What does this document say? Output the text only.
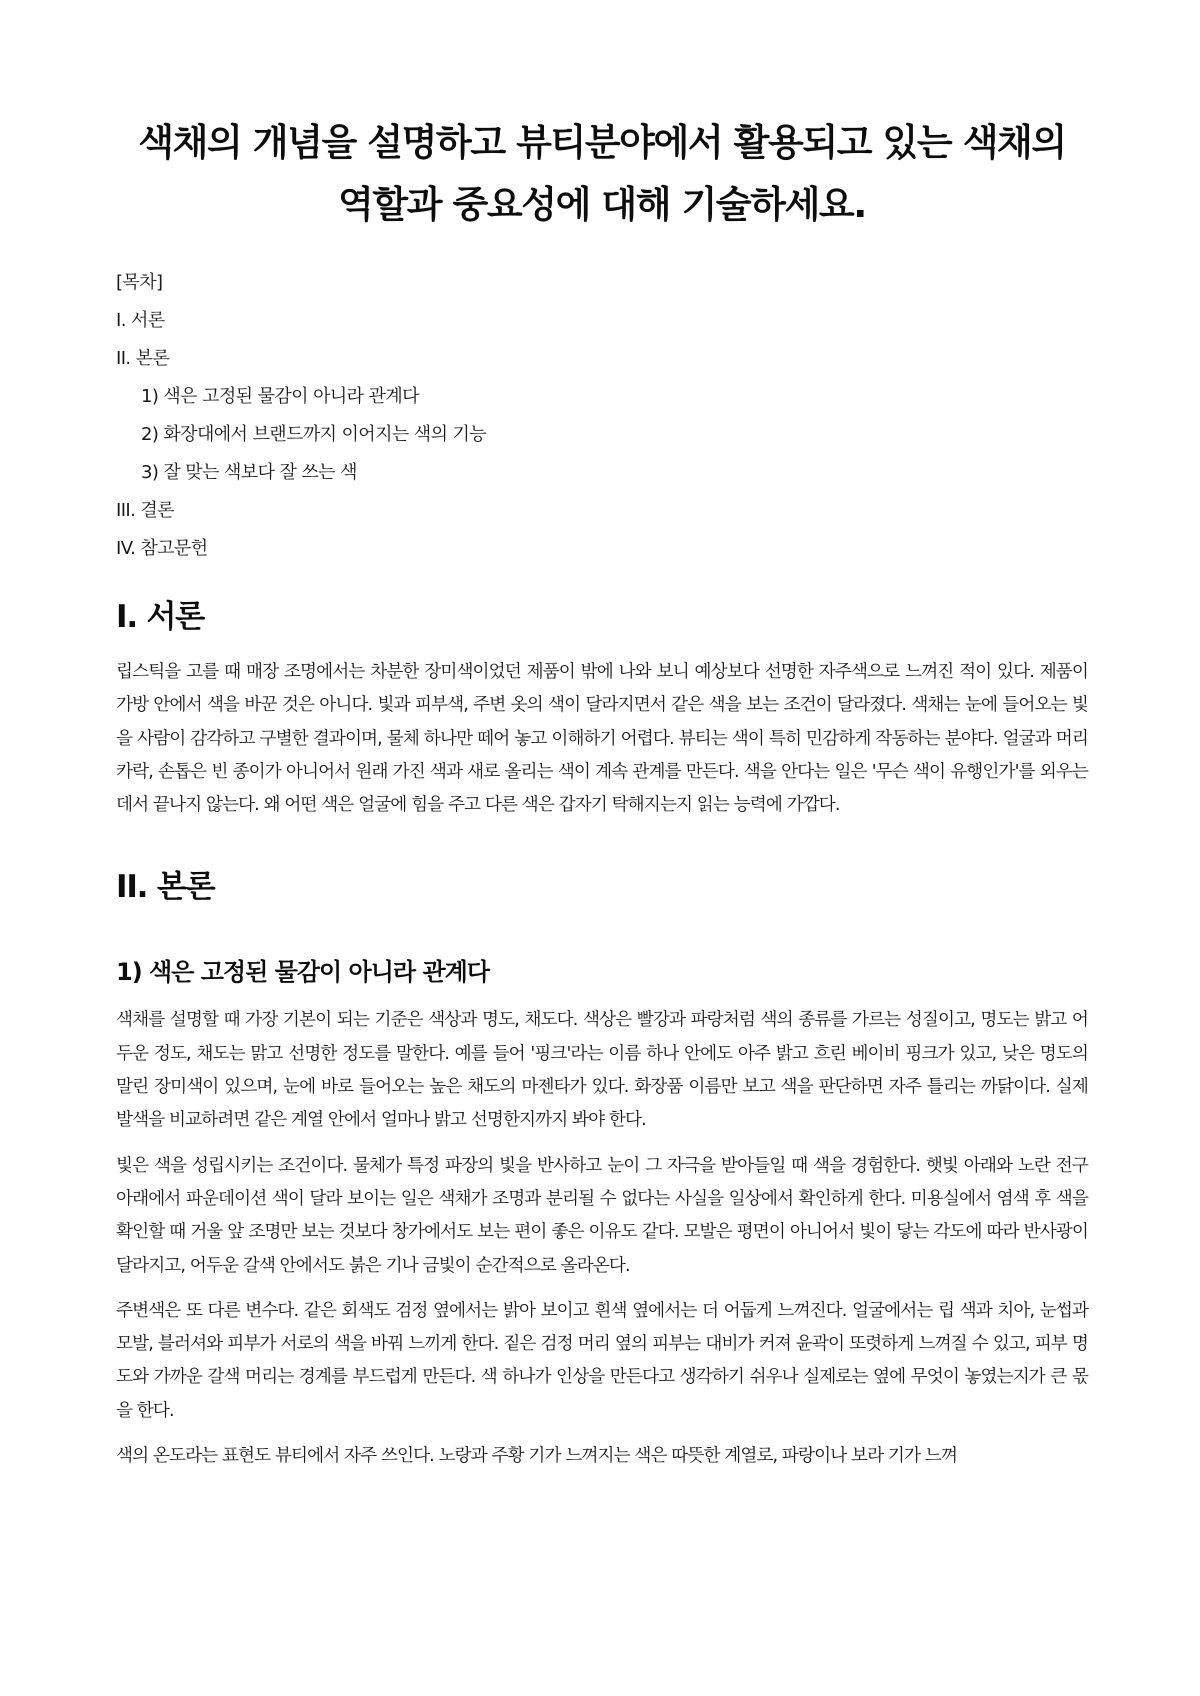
색채의 개념을 설명하고 뷰티분야에서 활용되고 있는 색채의 역할과 중요성에 대해 기술하세요.
[목차]
I. 서론
II. 본론
1) 색은 고정된 물감이 아니라 관계다
2) 화장대에서 브랜드까지 이어지는 색의 기능
3) 잘 맞는 색보다 잘 쓰는 색
III. 결론
IV. 참고문헌
I. 서론

립스틱을 고를 때 매장 조명에서는 차분한 장미색이었던 제품이 밖에 나와 보니 예상보다 선명한 자주색으로 느껴진 적이 있다. 제품이 가방 안에서 색을 바꾼 것은 아니다. 빛과 피부색, 주변 옷의 색이 달라지면서 같은 색을 보는 조건이 달라졌다. 색채는 눈에 들어오는 빛을 사람이 감각하고 구별한 결과이며, 물체 하나만 떼어 놓고 이해하기 어렵다. 뷰티는 색이 특히 민감하게 작동하는 분야다. 얼굴과 머리카락, 손톱은 빈 종이가 아니어서 원래 가진 색과 새로 올리는 색이 계속 관계를 만든다. 색을 안다는 일은 '무슨 색이 유행인가'를 외우는 데서 끝나지 않는다. 왜 어떤 색은 얼굴에 힘을 주고 다른 색은 갑자기 탁해지는지 읽는 능력에 가깝다.

II. 본론
1) 색은 고정된 물감이 아니라 관계다

색채를 설명할 때 가장 기본이 되는 기준은 색상과 명도, 채도다. 색상은 빨강과 파랑처럼 색의 종류를 가르는 성질이고, 명도는 밝고 어두운 정도, 채도는 맑고 선명한 정도를 말한다. 예를 들어 '핑크'라는 이름 하나 안에도 아주 밝고 흐린 베이비 핑크가 있고, 낮은 명도의 말린 장미색이 있으며, 눈에 바로 들어오는 높은 채도의 마젠타가 있다. 화장품 이름만 보고 색을 판단하면 자주 틀리는 까닭이다. 실제 발색을 비교하려면 같은 계열 안에서 얼마나 밝고 선명한지까지 봐야 한다.

빛은 색을 성립시키는 조건이다. 물체가 특정 파장의 빛을 반사하고 눈이 그 자극을 받아들일 때 색을 경험한다. 햇빛 아래와 노란 전구 아래에서 파운데이션 색이 달라 보이는 일은 색채가 조명과 분리될 수 없다는 사실을 일상에서 확인하게 한다. 미용실에서 염색 후 색을 확인할 때 거울 앞 조명만 보는 것보다 창가에서도 보는 편이 좋은 이유도 같다. 모발은 평면이 아니어서 빛이 닿는 각도에 따라 반사광이 달라지고, 어두운 갈색 안에서도 붉은 기나 금빛이 순간적으로 올라온다.

주변색은 또 다른 변수다. 같은 회색도 검정 옆에서는 밝아 보이고 흰색 옆에서는 더 어둡게 느껴진다. 얼굴에서는 립 색과 치아, 눈썹과 모발, 블러셔와 피부가 서로의 색을 바꿔 느끼게 한다. 짙은 검정 머리 옆의 피부는 대비가 커져 윤곽이 또렷하게 느껴질 수 있고, 피부 명도와 가까운 갈색 머리는 경계를 부드럽게 만든다. 색 하나가 인상을 만든다고 생각하기 쉬우나 실제로는 옆에 무엇이 놓였는지가 큰 몫을 한다.

색의 온도라는 표현도 뷰티에서 자주 쓰인다. 노랑과 주황 기가 느껴지는 색은 따뜻한 계열로, 파랑이나 보라 기가 느껴
